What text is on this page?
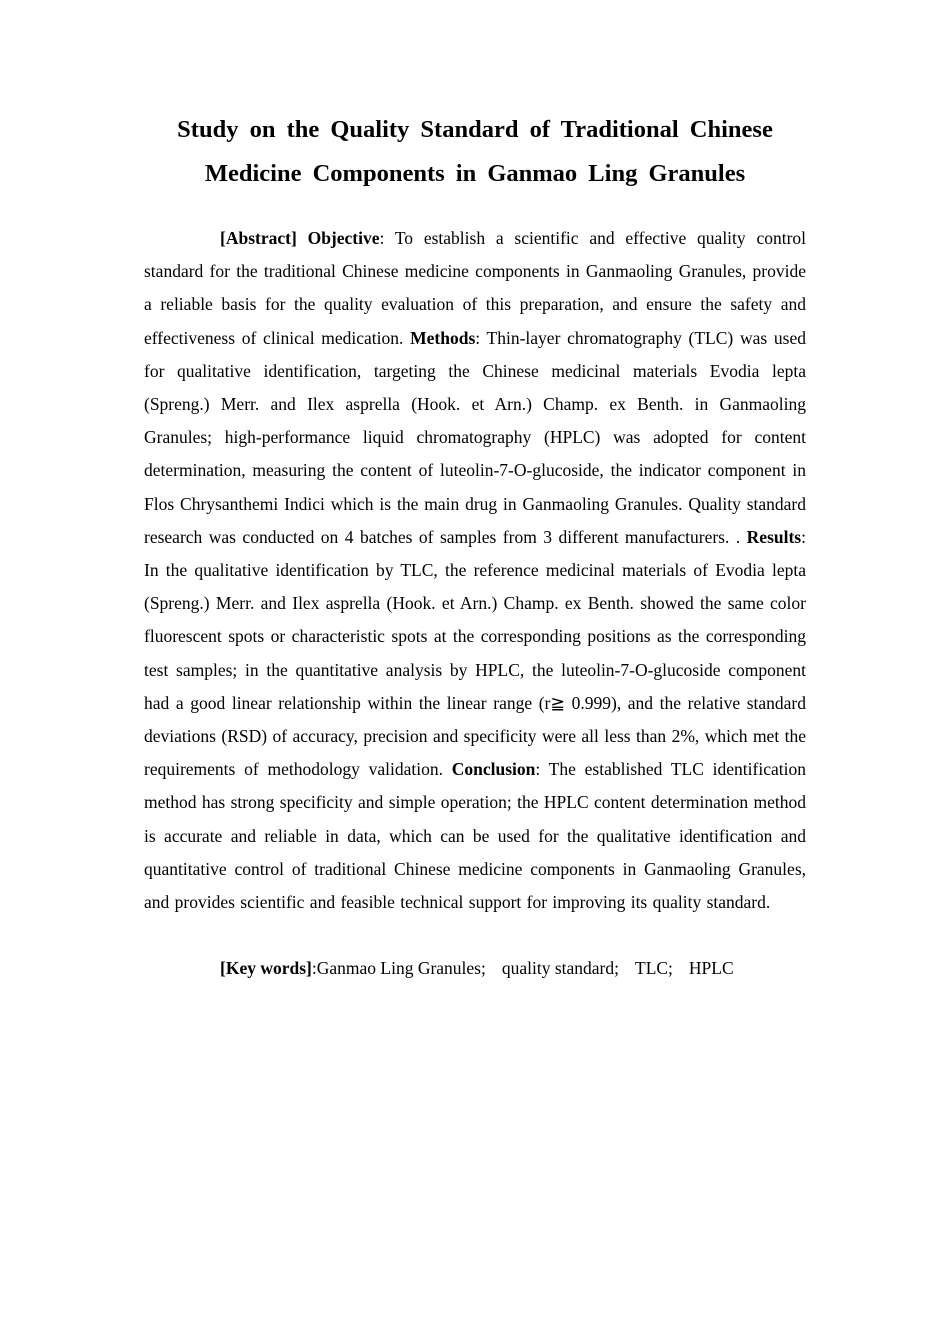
Study on the Quality Standard of Traditional Chinese
Medicine Components in Ganmao Ling Granules

[Abstract] Objective: To establish a scientific and effective quality control standard for the traditional Chinese medicine components in Ganmaoling Granules, provide a reliable basis for the quality evaluation of this preparation, and ensure the safety and effectiveness of clinical medication. Methods: Thin-layer chromatography (TLC) was used for qualitative identification, targeting the Chinese medicinal materials Evodia lepta (Spreng.) Merr. and Ilex asprella (Hook. et Arn.) Champ. ex Benth. in Ganmaoling Granules; high-performance liquid chromatography (HPLC) was adopted for content determination, measuring the content of luteolin-7-O-glucoside, the indicator component in Flos Chrysanthemi Indici which is the main drug in Ganmaoling Granules. Quality standard research was conducted on 4 batches of samples from 3 different manufacturers. . Results: In the qualitative identification by TLC, the reference medicinal materials of Evodia lepta (Spreng.) Merr. and Ilex asprella (Hook. et Arn.) Champ. ex Benth. showed the same color fluorescent spots or characteristic spots at the corresponding positions as the corresponding test samples; in the quantitative analysis by HPLC, the luteolin-7-O-glucoside component had a good linear relationship within the linear range (r≧ 0.999), and the relative standard deviations (RSD) of accuracy, precision and specificity were all less than 2%, which met the requirements of methodology validation. Conclusion: The established TLC identification method has strong specificity and simple operation; the HPLC content determination method is accurate and reliable in data, which can be used for the qualitative identification and quantitative control of traditional Chinese medicine components in Ganmaoling Granules, and provides scientific and feasible technical support for improving its quality standard.

[Key words]:Ganmao Ling Granules; quality standard; TLC; HPLC
